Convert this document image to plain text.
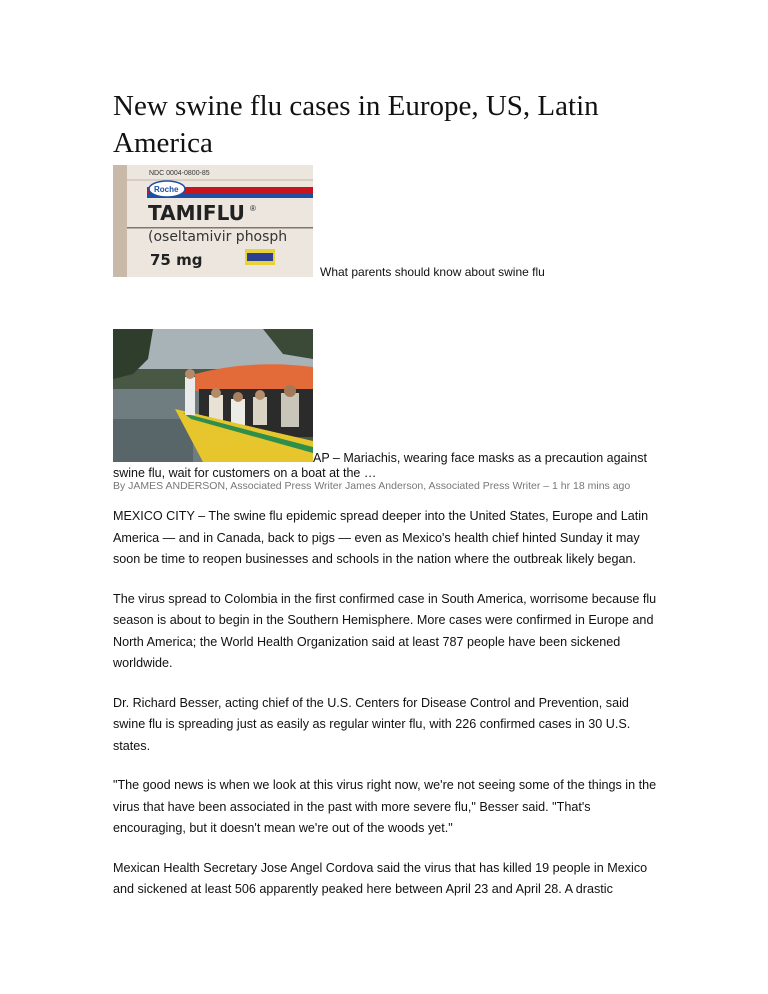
New swine flu cases in Europe, US, Latin America
NDC 0004-0800-85
Roche
TAMIFLU ®
(oseltamivir phosph
75 mg
What parents should know about swine flu

AP – Mariachis, wearing face masks as a precaution against swine flu, wait for customers on a boat at the …

By JAMES ANDERSON, Associated Press Writer James Anderson, Associated Press Writer – 1 hr 18 mins ago

MEXICO CITY – The swine flu epidemic spread deeper into the United States, Europe and Latin America — and in Canada, back to pigs — even as Mexico's health chief hinted Sunday it may soon be time to reopen businesses and schools in the nation where the outbreak likely began.

The virus spread to Colombia in the first confirmed case in South America, worrisome because flu season is about to begin in the Southern Hemisphere. More cases were confirmed in Europe and North America; the World Health Organization said at least 787 people have been sickened worldwide.

Dr. Richard Besser, acting chief of the U.S. Centers for Disease Control and Prevention, said swine flu is spreading just as easily as regular winter flu, with 226 confirmed cases in 30 U.S. states.

"The good news is when we look at this virus right now, we're not seeing some of the things in the virus that have been associated in the past with more severe flu," Besser said. "That's encouraging, but it doesn't mean we're out of the woods yet."

Mexican Health Secretary Jose Angel Cordova said the virus that has killed 19 people in Mexico and sickened at least 506 apparently peaked here between April 23 and April 28. A drastic
